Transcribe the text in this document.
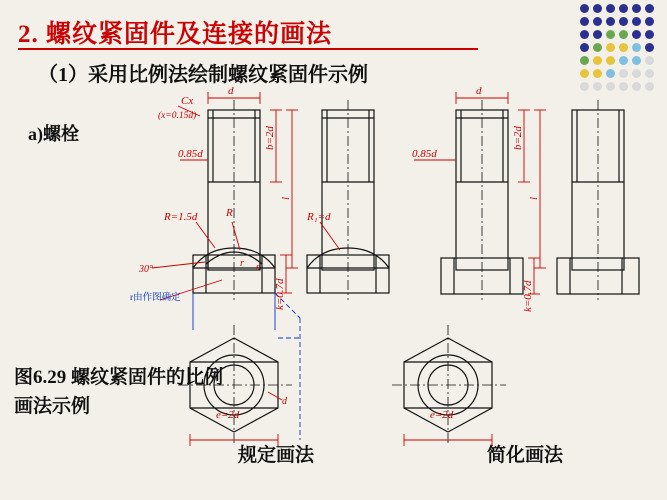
2. 螺纹紧固件及连接的画法
（1）采用比例法绘制螺纹紧固件示例
a)螺栓
图6.29 螺纹紧固件的比例画法示例
规定画法	简化画法
d	d
Cx
(x=0.15d)
0.85d	0.85d
b=2d	b=2d
l	l
R=1.5d	R	R₁=d
k=0.7d	k=0.7d
e=2d	e=2d
30°
r
d
s
r由作图确定
